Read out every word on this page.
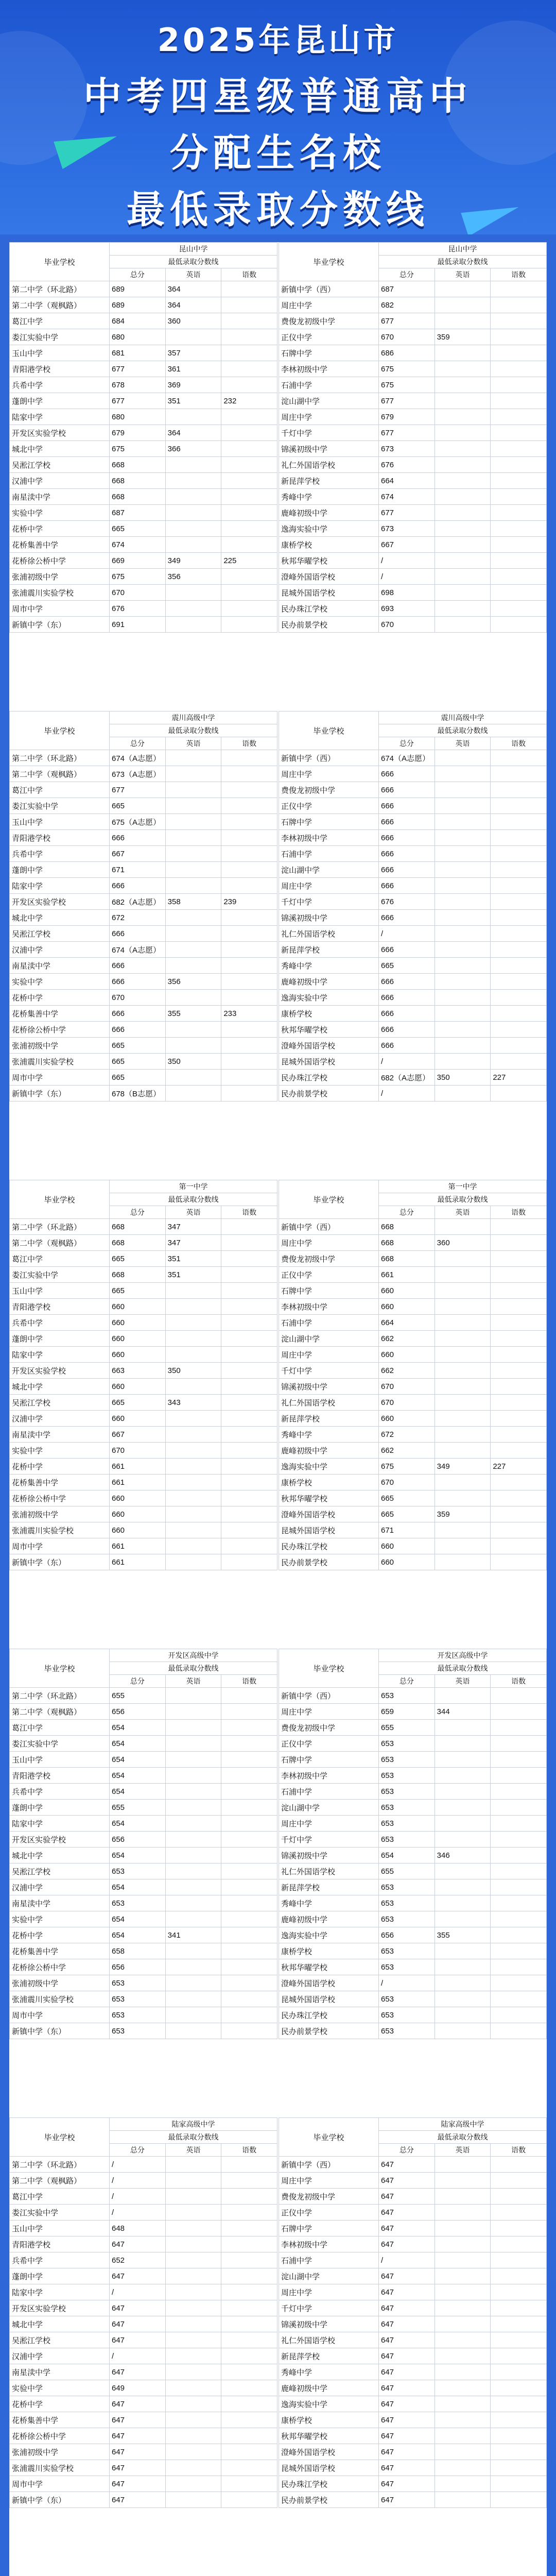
2025年昆山市
中考四星级普通高中
分配生名校
最低录取分数线
毕业学校	昆山中学		
	最低录取分数线		
	总分	英语	语数
第二中学（环北路）	689	364	
第二中学（观枫路）	689	364	
葛江中学	684	360	
娄江实验中学	680		
玉山中学	681	357	
青阳港学校	677	361	
兵希中学	678	369	
蓬朗中学	677	351	232
陆家中学	680		
开发区实验学校	679	364	
城北中学	675	366	
吴淞江学校	668		
汉浦中学	668		
南星渎中学	668		
实验中学	687		
花桥中学	665		
花桥集善中学	674		
花桥徐公桥中学	669	349	225
张浦初级中学	675	356	
张浦震川实验学校	670		
周市中学	676		
新镇中学（东）	691		
毕业学校	昆山中学		
	最低录取分数线		
	总分	英语	语数
新镇中学（西）	687		
周庄中学	682		
费俊龙初级中学	677		
正仪中学	670	359	
石牌中学	686		
李林初级中学	675		
石浦中学	675		
淀山湖中学	677		
周庄中学	679		
千灯中学	677		
锦溪初级中学	673		
礼仁外国语学校	676		
新昆萍学校	664		
秀峰中学	674		
鹿峰初级中学	677		
逸海实验中学	673		
康桥学校	667		
秋邦华曜学校	/		
澄峰外国语学校	/		
昆城外国语学校	698		
民办珠江学校	693		
民办前景学校	670		
毕业学校	震川高级中学		
	最低录取分数线		
	总分	英语	语数
第二中学（环北路）	674（A志愿）		
第二中学（观枫路）	673（A志愿）		
葛江中学	677		
娄江实验中学	665		
玉山中学	675（A志愿）		
青阳港学校	666		
兵希中学	667		
蓬朗中学	671		
陆家中学	666		
开发区实验学校	682（A志愿）	358	239
城北中学	672		
吴淞江学校	666		
汉浦中学	674（A志愿）		
南星渎中学	666		
实验中学	666	356	
花桥中学	670		
花桥集善中学	666	355	233
花桥徐公桥中学	666		
张浦初级中学	665		
张浦震川实验学校	665	350	
周市中学	665		
新镇中学（东）	678（B志愿）		
毕业学校	震川高级中学		
	最低录取分数线		
	总分	英语	语数
新镇中学（西）	674（A志愿）		
周庄中学	666		
费俊龙初级中学	666		
正仪中学	666		
石牌中学	666		
李林初级中学	666		
石浦中学	666		
淀山湖中学	666		
周庄中学	666		
千灯中学	676		
锦溪初级中学	666		
礼仁外国语学校	/		
新昆萍学校	666		
秀峰中学	665		
鹿峰初级中学	666		
逸海实验中学	666		
康桥学校	666		
秋邦华曜学校	666		
澄峰外国语学校	666		
昆城外国语学校	/		
民办珠江学校	682（A志愿）	350	227
民办前景学校	/		
毕业学校	第一中学		
	最低录取分数线		
	总分	英语	语数
第二中学（环北路）	668	347	
第二中学（观枫路）	668	347	
葛江中学	665	351	
娄江实验中学	668	351	
玉山中学	665		
青阳港学校	660		
兵希中学	660		
蓬朗中学	660		
陆家中学	660		
开发区实验学校	663	350	
城北中学	660		
吴淞江学校	665	343	
汉浦中学	660		
南星渎中学	667		
实验中学	670		
花桥中学	661		
花桥集善中学	661		
花桥徐公桥中学	660		
张浦初级中学	660		
张浦震川实验学校	660		
周市中学	661		
新镇中学（东）	661		
毕业学校	第一中学		
	最低录取分数线		
	总分	英语	语数
新镇中学（西）	668		
周庄中学	668	360	
费俊龙初级中学	668		
正仪中学	661		
石牌中学	660		
李林初级中学	660		
石浦中学	664		
淀山湖中学	662		
周庄中学	660		
千灯中学	662		
锦溪初级中学	670		
礼仁外国语学校	670		
新昆萍学校	660		
秀峰中学	672		
鹿峰初级中学	662		
逸海实验中学	675	349	227
康桥学校	670		
秋邦华曜学校	665		
澄峰外国语学校	665	359	
昆城外国语学校	671		
民办珠江学校	660		
民办前景学校	660		
毕业学校	开发区高级中学		
	最低录取分数线		
	总分	英语	语数
第二中学（环北路）	655		
第二中学（观枫路）	656		
葛江中学	654		
娄江实验中学	654		
玉山中学	654		
青阳港学校	654		
兵希中学	654		
蓬朗中学	655		
陆家中学	654		
开发区实验学校	656		
城北中学	654		
吴淞江学校	653		
汉浦中学	654		
南星渎中学	653		
实验中学	654		
花桥中学	654	341	
花桥集善中学	658		
花桥徐公桥中学	656		
张浦初级中学	653		
张浦震川实验学校	653		
周市中学	653		
新镇中学（东）	653		
毕业学校	开发区高级中学		
	最低录取分数线		
	总分	英语	语数
新镇中学（西）	653		
周庄中学	659	344	
费俊龙初级中学	655		
正仪中学	653		
石牌中学	653		
李林初级中学	653		
石浦中学	653		
淀山湖中学	653		
周庄中学	653		
千灯中学	653		
锦溪初级中学	654	346	
礼仁外国语学校	655		
新昆萍学校	653		
秀峰中学	653		
鹿峰初级中学	653		
逸海实验中学	656	355	
康桥学校	653		
秋邦华曜学校	653		
澄峰外国语学校	/		
昆城外国语学校	653		
民办珠江学校	653		
民办前景学校	653		
毕业学校	陆家高级中学		
	最低录取分数线		
	总分	英语	语数
第二中学（环北路）	/		
第二中学（观枫路）	/		
葛江中学	/		
娄江实验中学	/		
玉山中学	648		
青阳港学校	647		
兵希中学	652		
蓬朗中学	647		
陆家中学	/		
开发区实验学校	647		
城北中学	647		
吴淞江学校	647		
汉浦中学	/		
南星渎中学	647		
实验中学	649		
花桥中学	647		
花桥集善中学	647		
花桥徐公桥中学	647		
张浦初级中学	647		
张浦震川实验学校	647		
周市中学	647		
新镇中学（东）	647		
毕业学校	陆家高级中学		
	最低录取分数线		
	总分	英语	语数
新镇中学（西）	647		
周庄中学	647		
费俊龙初级中学	647		
正仪中学	647		
石牌中学	647		
李林初级中学	647		
石浦中学	/		
淀山湖中学	647		
周庄中学	647		
千灯中学	647		
锦溪初级中学	647		
礼仁外国语学校	647		
新昆萍学校	647		
秀峰中学	647		
鹿峰初级中学	647		
逸海实验中学	647		
康桥学校	647		
秋邦华曜学校	647		
澄峰外国语学校	647		
昆城外国语学校	647		
民办珠江学校	647		
民办前景学校	647		
